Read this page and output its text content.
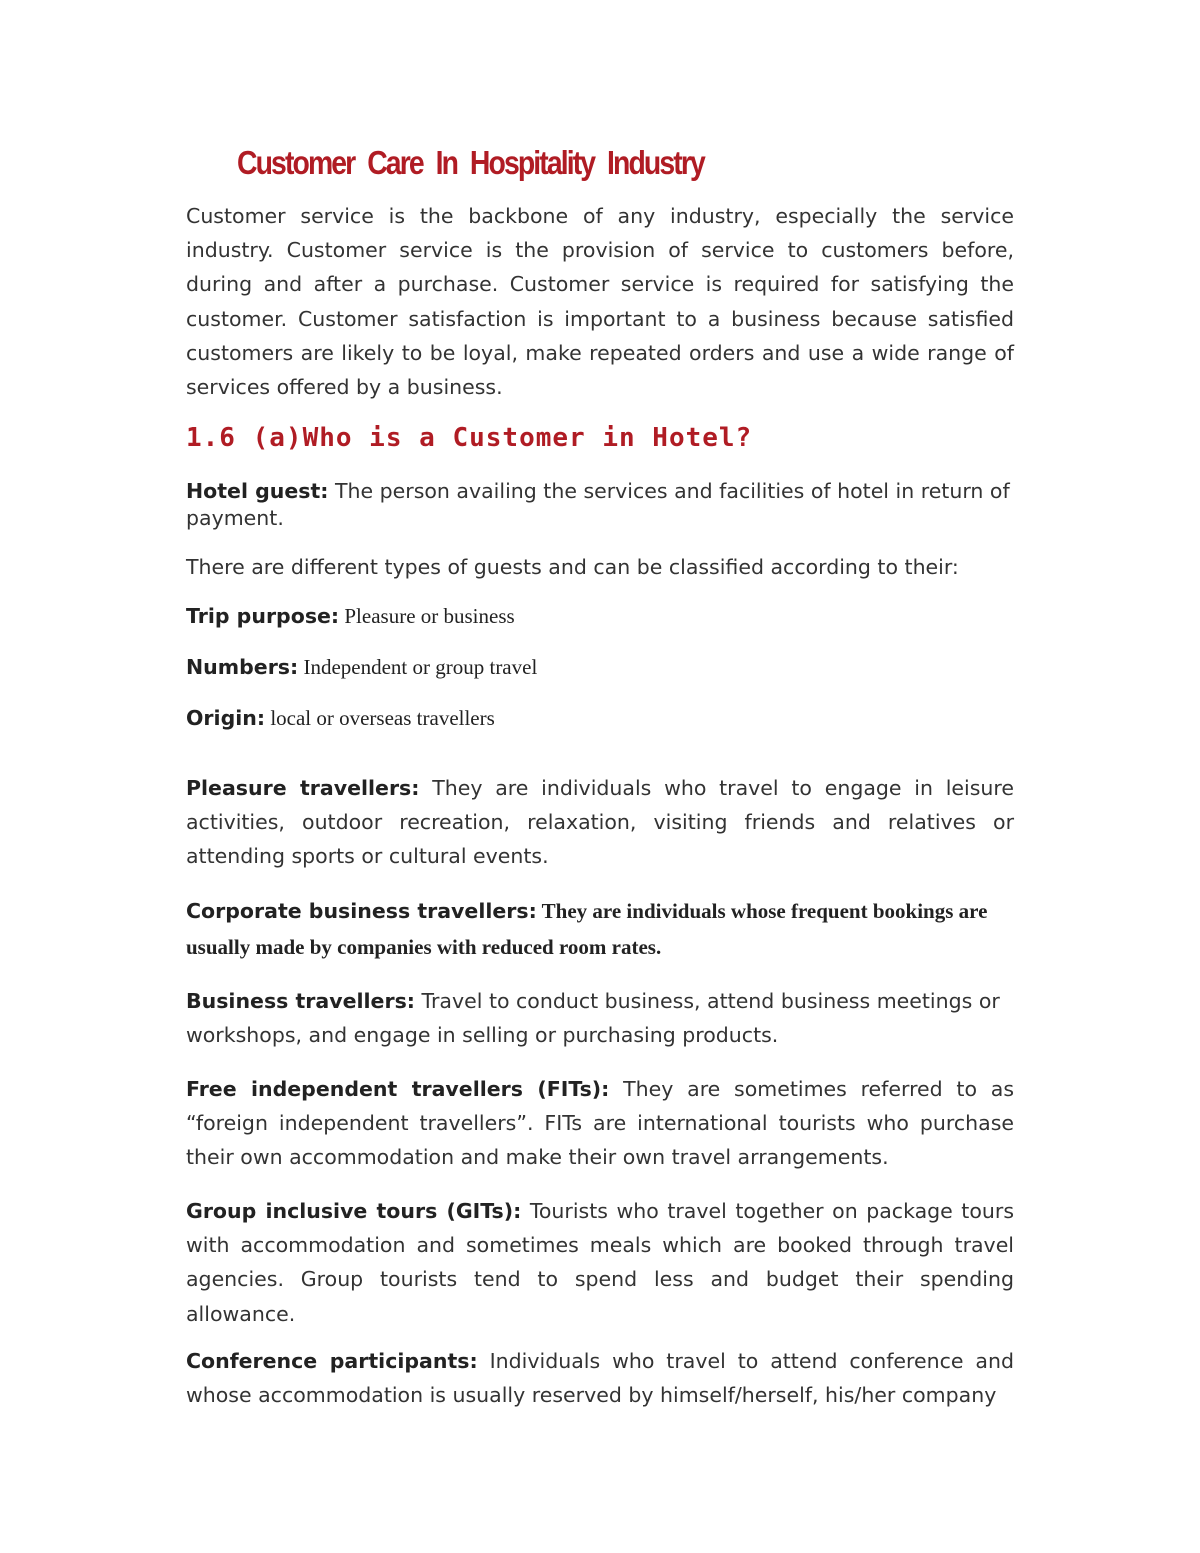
Customer Care In Hospitality Industry

Customer service is the backbone of any industry, especially the service industry. Customer service is the provision of service to customers before, during and after a purchase. Customer service is required for satisfying the customer. Customer satisfaction is important to a business because satisfied customers are likely to be loyal, make repeated orders and use a wide range of services offered by a business.

1.6 (a)Who is a Customer in Hotel?

Hotel guest: The person availing the services and facilities of hotel in return of payment.

There are different types of guests and can be classified according to their:

Trip purpose: Pleasure or business

Numbers: Independent or group travel

Origin: local or overseas travellers

Pleasure travellers: They are individuals who travel to engage in leisure activities, outdoor recreation, relaxation, visiting friends and relatives or attending sports or cultural events.

Corporate business travellers: They are individuals whose frequent bookings are usually made by companies with reduced room rates.

Business travellers: Travel to conduct business, attend business meetings or workshops, and engage in selling or purchasing products.

Free independent travellers (FITs): They are sometimes referred to as “foreign independent travellers”. FITs are international tourists who purchase their own accommodation and make their own travel arrangements.

Group inclusive tours (GITs): Tourists who travel together on package tours with accommodation and sometimes meals which are booked through travel agencies. Group tourists tend to spend less and budget their spending allowance.

Conference participants: Individuals who travel to attend conference and whose accommodation is usually reserved by himself/herself, his/her company
